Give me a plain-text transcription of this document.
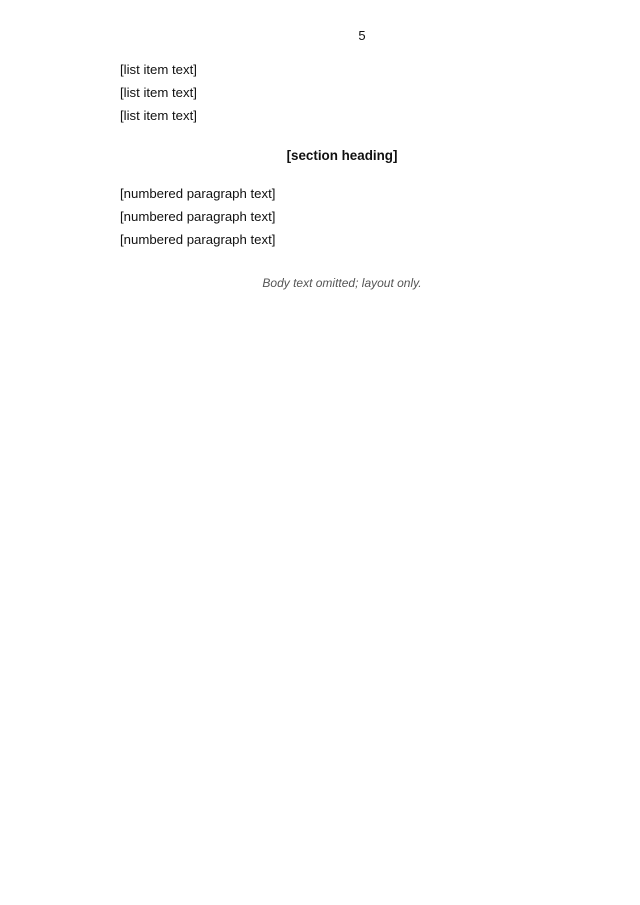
5

[list item text]

[list item text]

[list item text]

[section heading]

[numbered paragraph text]

[numbered paragraph text]

[numbered paragraph text]

Body text omitted; layout only.
